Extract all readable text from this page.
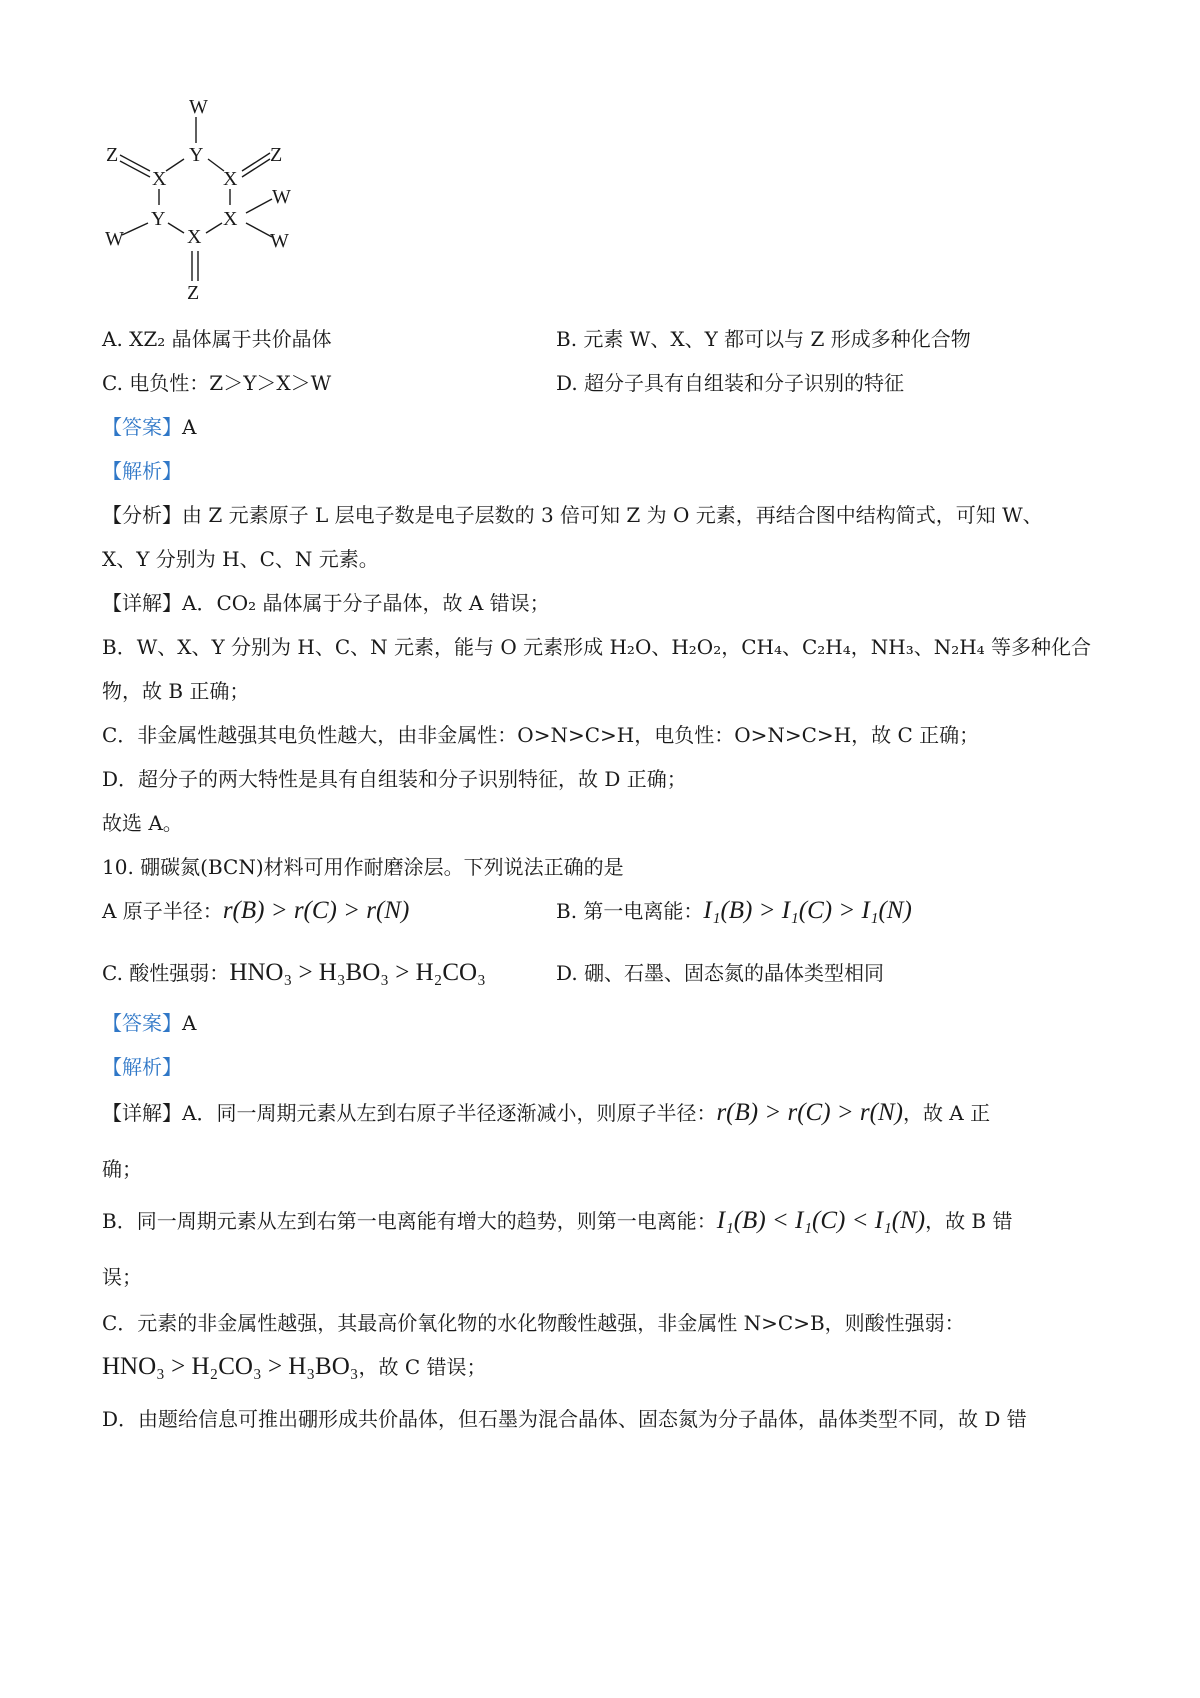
W
Y
Z	Z
X	X
W
Y	X
W	W
X
Z
A. XZ₂ 晶体属于共价晶体	B. 元素 W、X、Y 都可以与 Z 形成多种化合物
C. 电负性：Z＞Y＞X＞W	D. 超分子具有自组装和分子识别的特征
【答案】A
【解析】
【分析】由 Z 元素原子 L 层电子数是电子层数的 3 倍可知 Z 为 O 元素，再结合图中结构简式，可知 W、
X、Y 分别为 H、C、N 元素。
【详解】A．CO₂ 晶体属于分子晶体，故 A 错误；
B．W、X、Y 分别为 H、C、N 元素，能与 O 元素形成 H₂O、H₂O₂，CH₄、C₂H₄，NH₃、N₂H₄ 等多种化合
物，故 B 正确；
C．非金属性越强其电负性越大，由非金属性：O>N>C>H，电负性：O>N>C>H，故 C 正确；
D．超分子的两大特性是具有自组装和分子识别特征，故 D 正确；
故选 A。
10. 硼碳氮(BCN)材料可用作耐磨涂层。下列说法正确的是
A 原子半径：r(B) > r(C) > r(N)	B. 第一电离能：I₁(B) > I₁(C) > I₁(N)
C. 酸性强弱：HNO₃ > H₃BO₃ > H₂CO₃	D. 硼、石墨、固态氮的晶体类型相同
【答案】A
【解析】
【详解】A．同一周期元素从左到右原子半径逐渐减小，则原子半径：r(B) > r(C) > r(N)，故 A 正
确；
B．同一周期元素从左到右第一电离能有增大的趋势，则第一电离能：I₁(B) < I₁(C) < I₁(N)，故 B 错
误；
C．元素的非金属性越强，其最高价氧化物的水化物酸性越强，非金属性 N>C>B，则酸性强弱：
HNO₃ > H₂CO₃ > H₃BO₃，故 C 错误；
D．由题给信息可推出硼形成共价晶体，但石墨为混合晶体、固态氮为分子晶体，晶体类型不同，故 D 错
